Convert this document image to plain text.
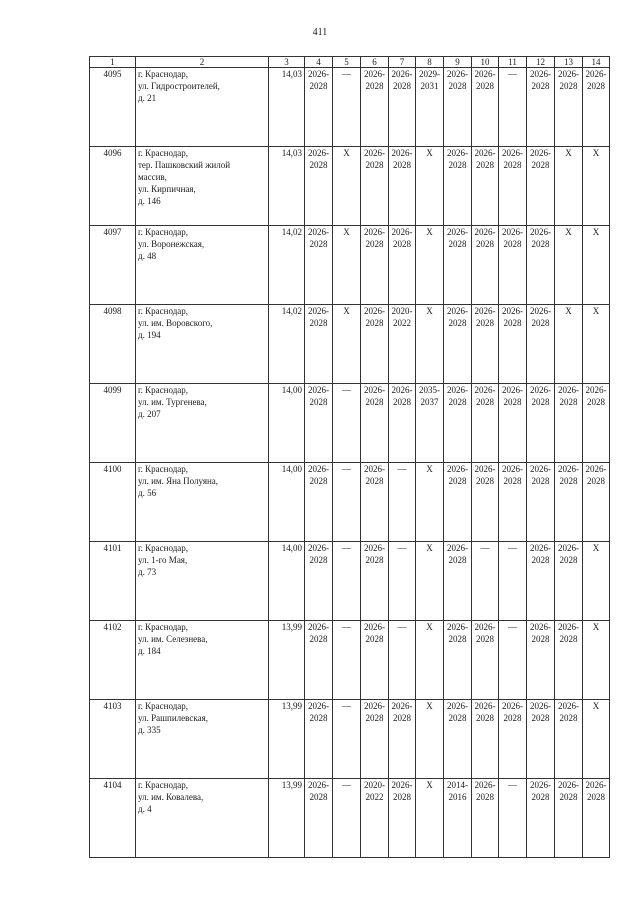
411
1	2	3	4	5	6	7	8	9	10	11	12	13	14
4095	г. Краснодар,
ул. Гидростроителей,
д. 21	14,03	2026-
2028	—	2026-
2028	2026-
2028	2029-
2031	2026-
2028	2026-
2028	—	2026-
2028	2026-
2028	2026-
2028

4096	г. Краснодар,
тер. Пашковский жилой
массив,
ул. Кирпичная,
д. 146	14,03	2026-
2028	X	2026-
2028	2026-
2028	X	2026-
2028	2026-
2028	2026-
2028	2026-
2028	X	X

4097	г. Краснодар,
ул. Воронежская,
д. 48	14,02	2026-
2028	X	2026-
2028	2026-
2028	X	2026-
2028	2026-
2028	2026-
2028	2026-
2028	X	X

4098	г. Краснодар,
ул. им. Воровского,
д. 194	14,02	2026-
2028	X	2026-
2028	2020-
2022	X	2026-
2028	2026-
2028	2026-
2028	2026-
2028	X	X

4099	г. Краснодар,
ул. им. Тургенева,
д. 207	14,00	2026-
2028	—	2026-
2028	2026-
2028	2035-
2037	2026-
2028	2026-
2028	2026-
2028	2026-
2028	2026-
2028	2026-
2028

4100	г. Краснодар,
ул. им. Яна Полуяна,
д. 56	14,00	2026-
2028	—	2026-
2028	—	X	2026-
2028	2026-
2028	2026-
2028	2026-
2028	2026-
2028	2026-
2028

4101	г. Краснодар,
ул. 1-го Мая,
д. 73	14,00	2026-
2028	—	2026-
2028	—	X	2026-
2028	—	—	2026-
2028	2026-
2028	X

4102	г. Краснодар,
ул. им. Селезнева,
д. 184	13,99	2026-
2028	—	2026-
2028	—	X	2026-
2028	2026-
2028	—	2026-
2028	2026-
2028	X

4103	г. Краснодар,
ул. Рашпилевская,
д. 335	13,99	2026-
2028	—	2026-
2028	2026-
2028	X	2026-
2028	2026-
2028	2026-
2028	2026-
2028	2026-
2028	X

4104	г. Краснодар,
ул. им. Ковалева,
д. 4	13,99	2026-
2028	—	2020-
2022	2026-
2028	X	2014-
2016	2026-
2028	—	2026-
2028	2026-
2028	2026-
2028
